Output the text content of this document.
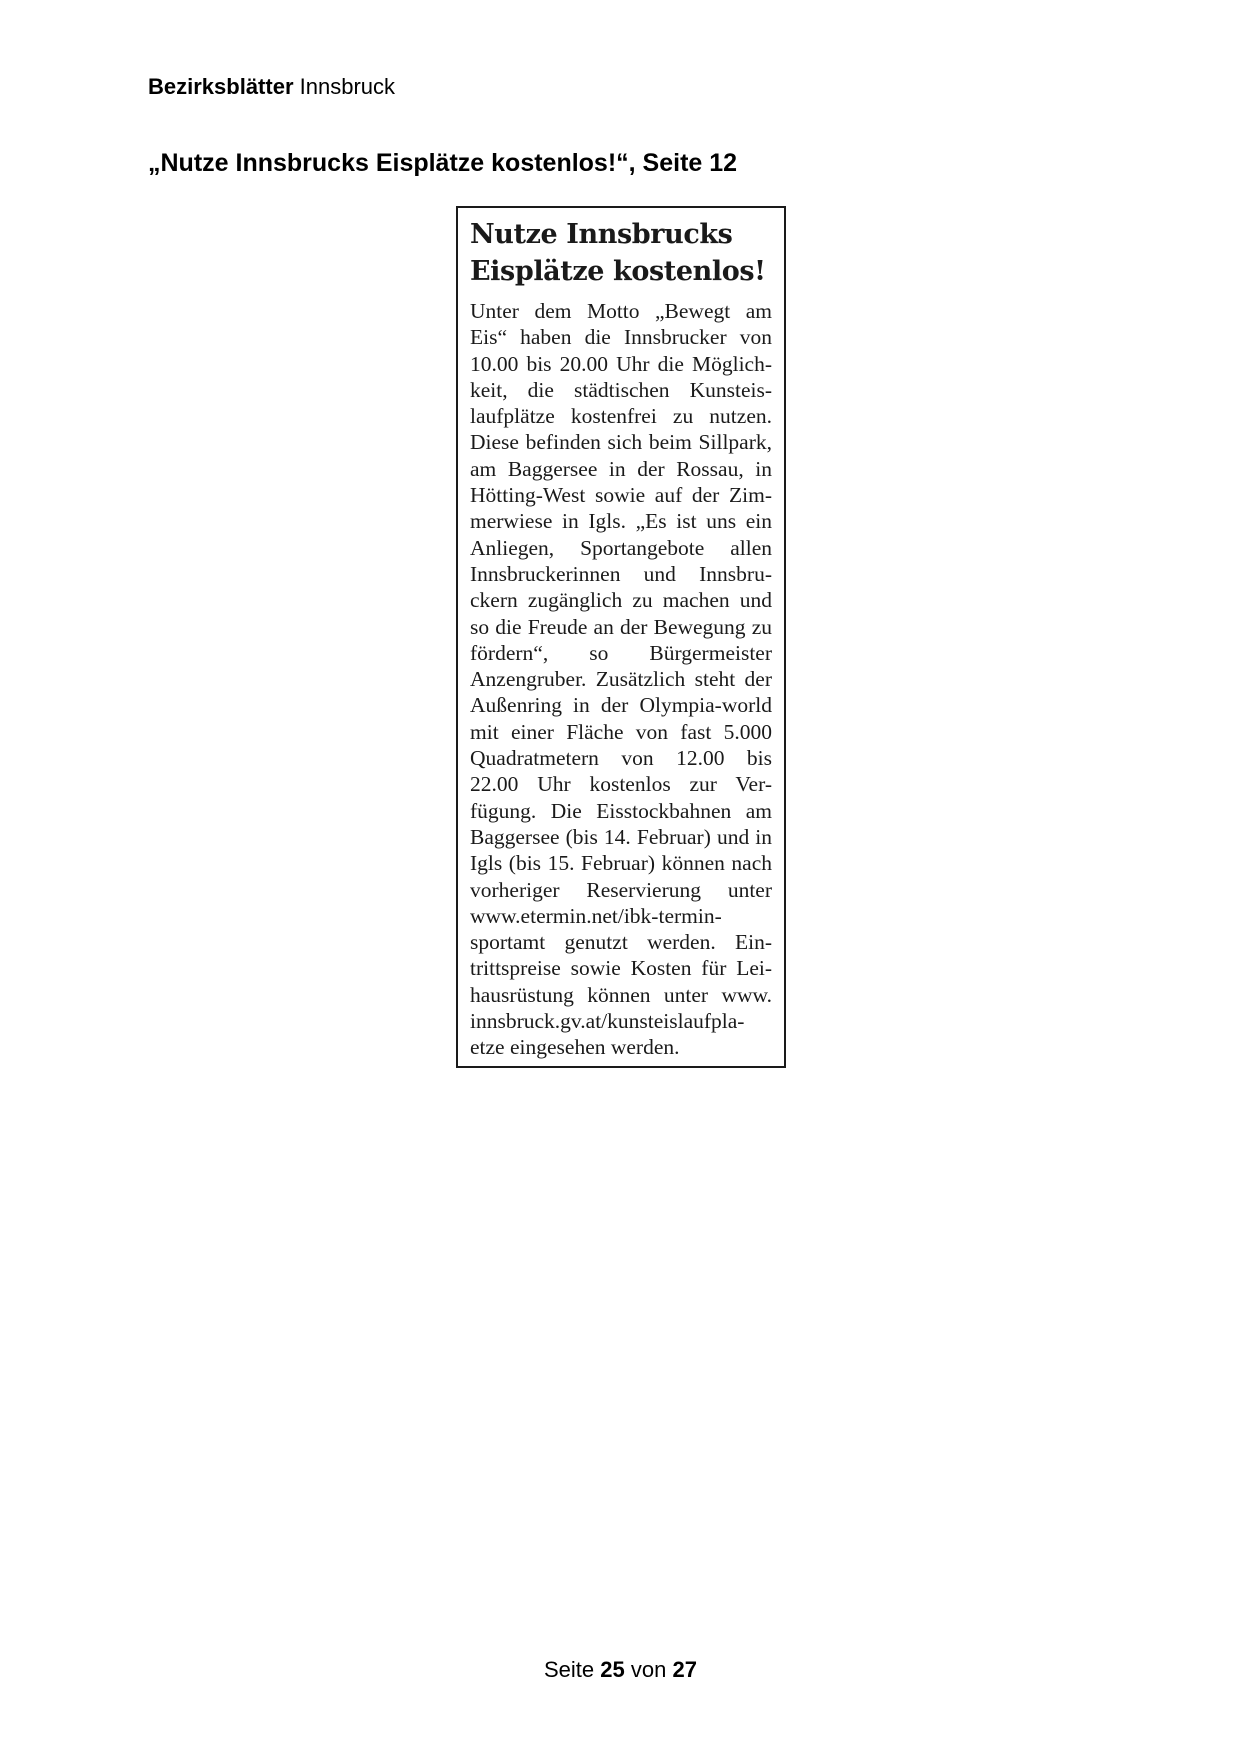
Bezirksblätter Innsbruck
„Nutze Innsbrucks Eisplätze kostenlos!“, Seite 12
Nutze Innsbrucks Eisplätze kostenlos!

Unter dem Motto „Bewegt am Eis“ haben die Innsbrucker von 10.00 bis 20.00 Uhr die Möglich-keit, die städtischen Kunsteis-laufplätze kostenfrei zu nutzen. Diese befinden sich beim Sillpark, am Baggersee in der Rossau, in Hötting-West sowie auf der Zim-merwiese in Igls. „Es ist uns ein Anliegen, Sportangebote allen Innsbruckerinnen und Innsbru-ckern zugänglich zu machen und so die Freude an der Bewegung zu fördern“, so Bürgermeister Anzengruber. Zusätzlich steht der Außenring in der Olympia-world mit einer Fläche von fast 5.000 Quadratmetern von 12.00 bis 22.00 Uhr kostenlos zur Ver-fügung. Die Eisstockbahnen am Baggersee (bis 14. Februar) und in Igls (bis 15. Februar) können nach vorheriger Reservierung unter www.etermin.net/ibk-termin-sportamt genutzt werden. Ein-trittspreise sowie Kosten für Lei-hausrüstung können unter www. innsbruck.gv.at/kunsteislaufpla-etze eingesehen werden.

Seite 25 von 27
